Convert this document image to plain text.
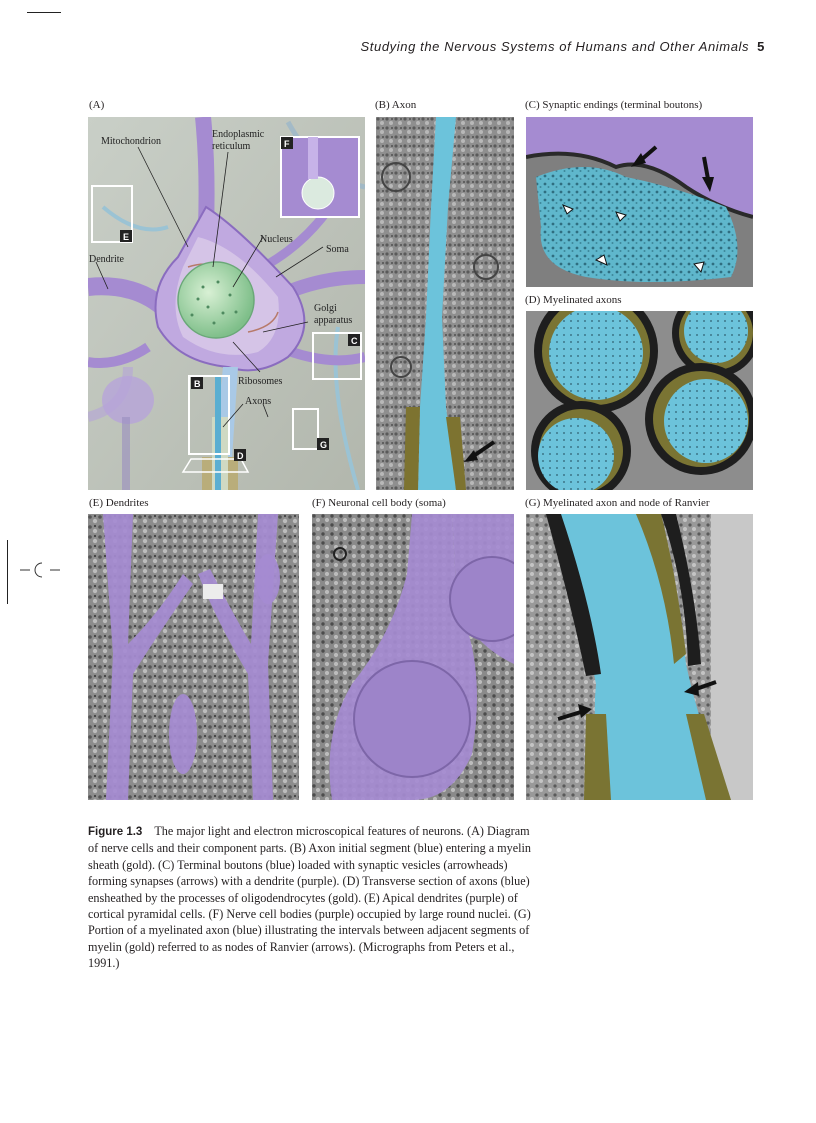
Studying the Nervous Systems of Humans and Other Animals 5
(A)	(B) Axon	(C) Synaptic endings (terminal boutons)
(D) Myelinated axons
(E) Dendrites	(F) Neuronal cell body (soma)	(G) Myelinated axon and node of Ranvier
F
E
C
B
G
D
Mitochondrion
Endoplasmic
reticulum
Nucleus
Soma
Dendrite
Golgi
apparatus
Ribosomes
Axons
Figure 1.3 The major light and electron microscopical features of neurons. (A) Diagram of nerve cells and their component parts. (B) Axon initial segment (blue) entering a myelin sheath (gold). (C) Terminal boutons (blue) loaded with synaptic vesicles (arrowheads) forming synapses (arrows) with a dendrite (purple). (D) Transverse section of axons (blue) ensheathed by the processes of oligodendrocytes (gold). (E) Apical dendrites (purple) of cortical pyramidal cells. (F) Nerve cell bodies (purple) occupied by large round nuclei. (G) Portion of a myelinated axon (blue) illustrating the intervals between adjacent segments of myelin (gold) referred to as nodes of Ranvier (arrows). (Micrographs from Peters et al., 1991.)
